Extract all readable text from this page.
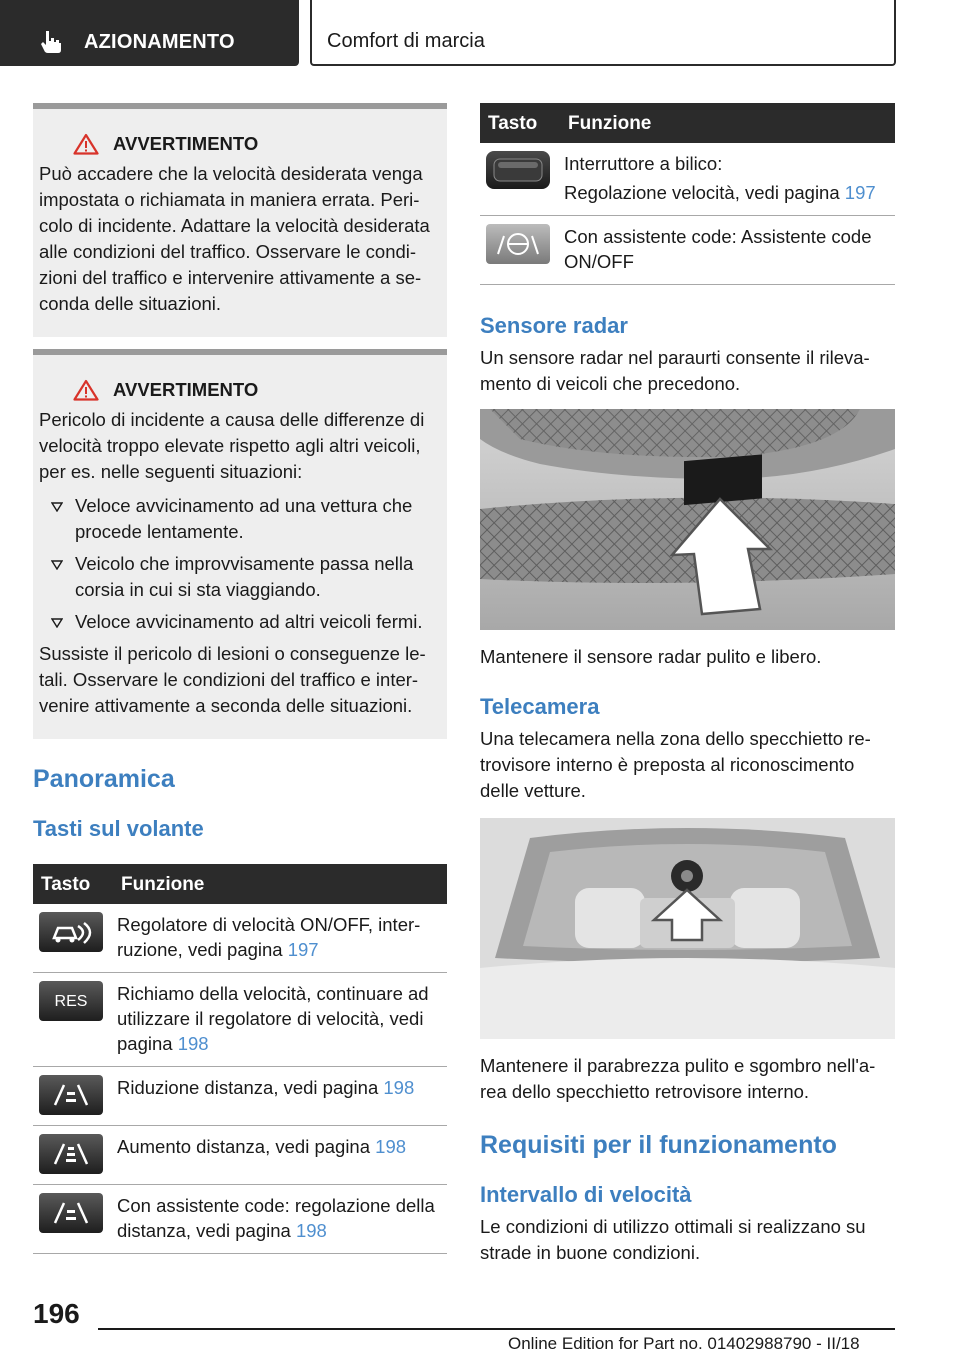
AZIONAMENTO	Comfort di marcia
AVVERTIMENTO

Può accadere che la velocità desiderata venga

impostata o richiamata in maniera errata. Peri-

colo di incidente. Adattare la velocità desiderata

alle condizioni del traffico. Osservare le condi-

zioni del traffico e intervenire attivamente a se-

conda delle situazioni.

AVVERTIMENTO

Pericolo di incidente a causa delle differenze di

velocità troppo elevate rispetto agli altri veicoli,

per es. nelle seguenti situazioni:

Veloce avvicinamento ad una vettura che
procede lentamente.
Veicolo che improvvisamente passa nella
corsia in cui si sta viaggiando.
Veloce avvicinamento ad altri veicoli fermi.

Sussiste il pericolo di lesioni o conseguenze le-

tali. Osservare le condizioni del traffico e inter-

venire attivamente a seconda delle situazioni.

Panoramica
Tasti sul volante
Tasto	Funzione

Regolatore di velocità ON/OFF, inter-
ruzione, vedi pagina 197

RES	Richiamo della velocità, continuare ad
utilizzare il regolatore di velocità, vedi
pagina 198

Riduzione distanza, vedi pagina 198

Aumento distanza, vedi pagina 198

Con assistente code: regolazione della
distanza, vedi pagina 198
Tasto	Funzione

Interruttore a bilico:
Regolazione velocità, vedi pagina 197

Con assistente code: Assistente code
ON/OFF
Sensore radar
Un sensore radar nel paraurti consente il rileva-
mento di veicoli che precedono.
Mantenere il sensore radar pulito e libero.
Telecamera
Una telecamera nella zona dello specchietto re-
trovisore interno è preposta al riconoscimento
delle vetture.
Mantenere il parabrezza pulito e sgombro nell'a-
rea dello specchietto retrovisore interno.
Requisiti per il funzionamento
Intervallo di velocità
Le condizioni di utilizzo ottimali si realizzano su
strade in buone condizioni.
196
Online Edition for Part no. 01402988790 - II/18
